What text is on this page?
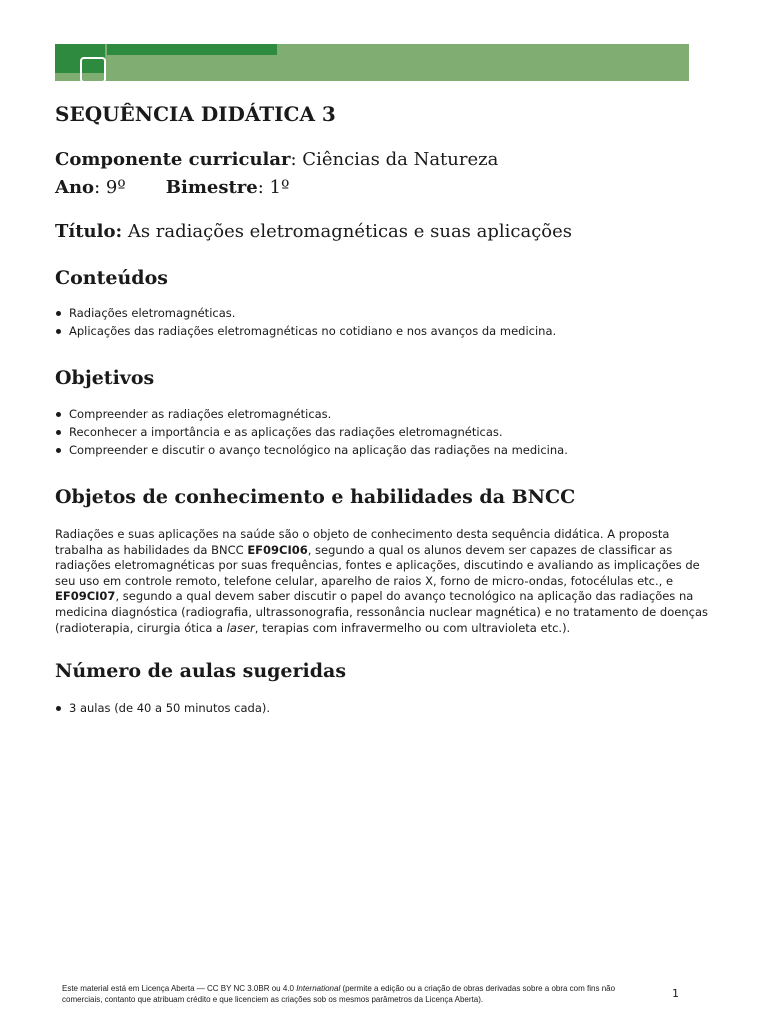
SEQUÊNCIA DIDÁTICA 3
Componente curricular: Ciências da Natureza
Ano: 9º Bimestre: 1º
Título: As radiações eletromagnéticas e suas aplicações
Conteúdos
Radiações eletromagnéticas.
Aplicações das radiações eletromagnéticas no cotidiano e nos avanços da medicina.
Objetivos
Compreender as radiações eletromagnéticas.
Reconhecer a importância e as aplicações das radiações eletromagnéticas.
Compreender e discutir o avanço tecnológico na aplicação das radiações na medicina.
Objetos de conhecimento e habilidades da BNCC
Radiações e suas aplicações na saúde são o objeto de conhecimento desta sequência didática. A proposta trabalha as habilidades da BNCC EF09CI06, segundo a qual os alunos devem ser capazes de classificar as radiações eletromagnéticas por suas frequências, fontes e aplicações, discutindo e avaliando as implicações de seu uso em controle remoto, telefone celular, aparelho de raios X, forno de micro-ondas, fotocélulas etc., e EF09CI07, segundo a qual devem saber discutir o papel do avanço tecnológico na aplicação das radiações na medicina diagnóstica (radiografia, ultrassonografia, ressonância nuclear magnética) e no tratamento de doenças (radioterapia, cirurgia ótica a laser, terapias com infravermelho ou com ultravioleta etc.).
Número de aulas sugeridas
3 aulas (de 40 a 50 minutos cada).
Este material está em Licença Aberta — CC BY NC 3.0BR ou 4.0 International (permite a edição ou a criação de obras derivadas sobre a obra com fins não comerciais, contanto que atribuam crédito e que licenciem as criações sob os mesmos parâmetros da Licença Aberta).	1
